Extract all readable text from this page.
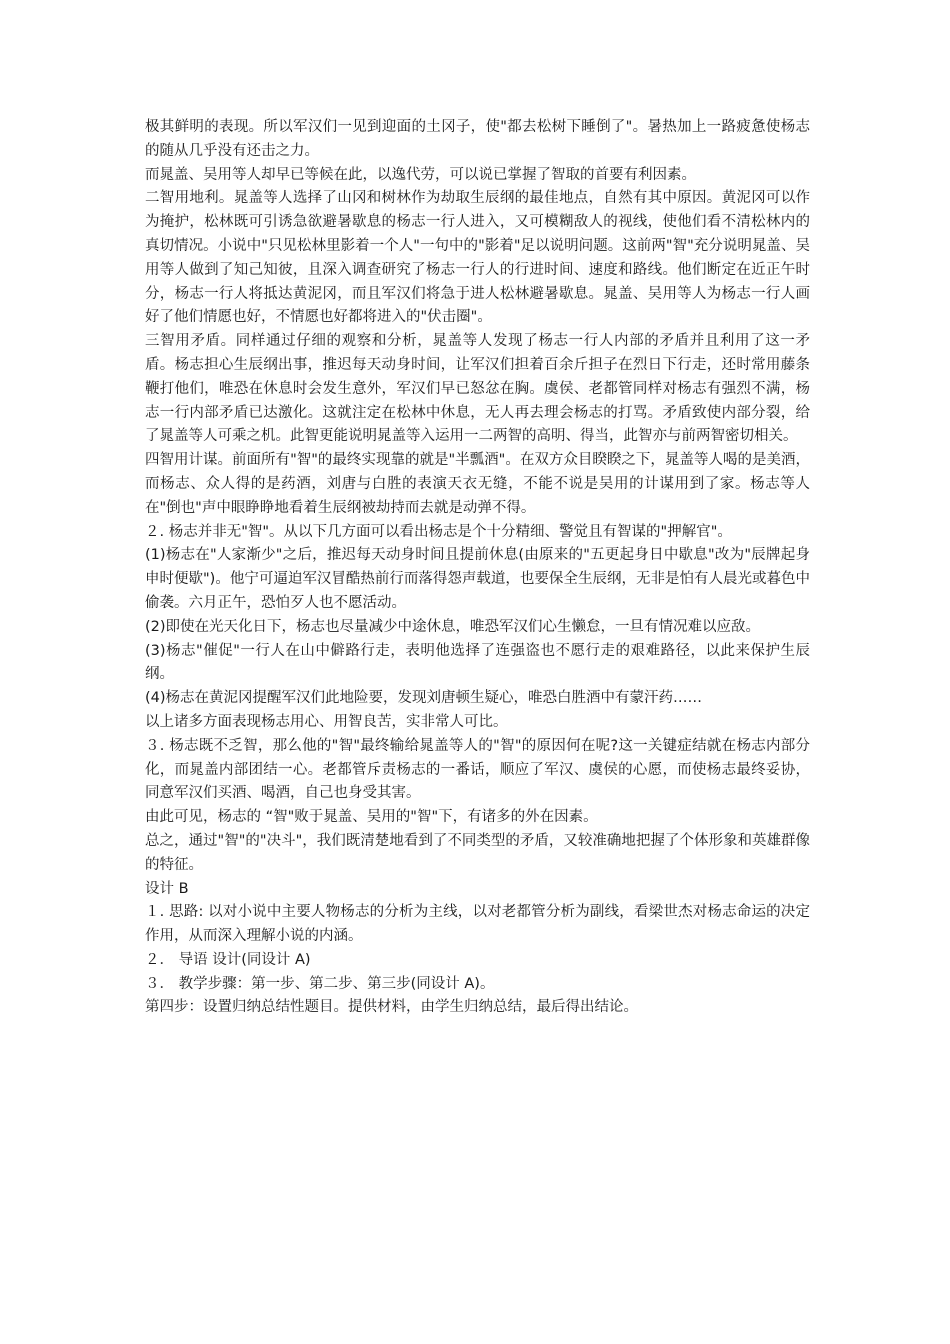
极其鲜明的表现。所以军汉们一见到迎面的土冈子，使"都去松树下睡倒了"。暑热加上一路疲惫使杨志的随从几乎没有还击之力。

而晁盖、吴用等人却早已等候在此，以逸代劳，可以说已掌握了智取的首要有利因素。

二智用地利。晁盖等人选择了山冈和树林作为劫取生辰纲的最佳地点，自然有其中原因。黄泥冈可以作为掩护，松林既可引诱急欲避暑歇息的杨志一行人进入，又可模糊敌人的视线，使他们看不清松林内的真切情况。小说中"只见松林里影着一个人"一句中的"影着"足以说明问题。这前两"智"充分说明晁盖、吴用等人做到了知己知彼，且深入调查研究了杨志一行人的行进时间、速度和路线。他们断定在近正午时分，杨志一行人将抵达黄泥冈，而且军汉们将急于进人松林避暑歇息。晁盖、吴用等人为杨志一行人画好了他们情愿也好，不情愿也好都将进入的"伏击圈"。

三智用矛盾。同样通过仔细的观察和分析，晁盖等人发现了杨志一行人内部的矛盾并且利用了这一矛盾。杨志担心生辰纲出事，推迟每天动身时间，让军汉们担着百余斤担子在烈日下行走，还时常用藤条鞭打他们，唯恐在休息时会发生意外，军汉们早已怒忿在胸。虞侯、老都管同样对杨志有强烈不满，杨志一行内部矛盾已达激化。这就注定在松林中休息，无人再去理会杨志的打骂。矛盾致使内部分裂，给了晁盖等人可乘之机。此智更能说明晁盖等入运用一二两智的高明、得当，此智亦与前两智密切相关。

四智用计谋。前面所有"智"的最终实现靠的就是"半瓢酒"。在双方众目睽睽之下，晁盖等人喝的是美酒，而杨志、众人得的是药酒，刘唐与白胜的表演天衣无缝，不能不说是吴用的计谋用到了家。杨志等人在"倒也"声中眼睁睁地看着生辰纲被劫持而去就是动弹不得。

２. 杨志并非无"智"。从以下几方面可以看出杨志是个十分精细、警觉且有智谋的"押解官"。

(1)杨志在"人家渐少"之后，推迟每天动身时间且提前休息(由原来的"五更起身日中歇息"改为"辰牌起身申时便歇")。他宁可逼迫军汉冒酷热前行而落得怨声载道，也要保全生辰纲，无非是怕有人晨光或暮色中偷袭。六月正午，恐怕歹人也不愿活动。

(2)即使在光天化日下，杨志也尽量减少中途休息，唯恐军汉们心生懒怠，一旦有情况难以应敌。

(3)杨志"催促"一行人在山中僻路行走，表明他选择了连强盗也不愿行走的艰难路径，以此来保护生辰纲。

(4)杨志在黄泥冈提醒军汉们此地险要，发现刘唐顿生疑心，唯恐白胜酒中有蒙汗药……

以上诸多方面表现杨志用心、用智良苦，实非常人可比。

３. 杨志既不乏智，那么他的"智"最终输给晁盖等人的"智"的原因何在呢?这一关键症结就在杨志内部分化，而晁盖内部团结一心。老都管斥责杨志的一番话，顺应了军汉、虞侯的心愿，而使杨志最终妥协，同意军汉们买酒、喝酒，自己也身受其害。

由此可见，杨志的 “智"败于晁盖、吴用的"智"下，有诸多的外在因素。

总之，通过"智"的"决斗"，我们既清楚地看到了不同类型的矛盾，又较准确地把握了个体形象和英雄群像的特征。

设计 B

１. 思路: 以对小说中主要人物杨志的分析为主线，以对老都管分析为副线，看梁世杰对杨志命运的决定作用，从而深入理解小说的内涵。

２． 导语 设计(同设计 A)

３． 教学步骤：第一步、第二步、第三步(同设计 A)。

第四步：设置归纳总结性题目。提供材料，由学生归纳总结，最后得出结论。
